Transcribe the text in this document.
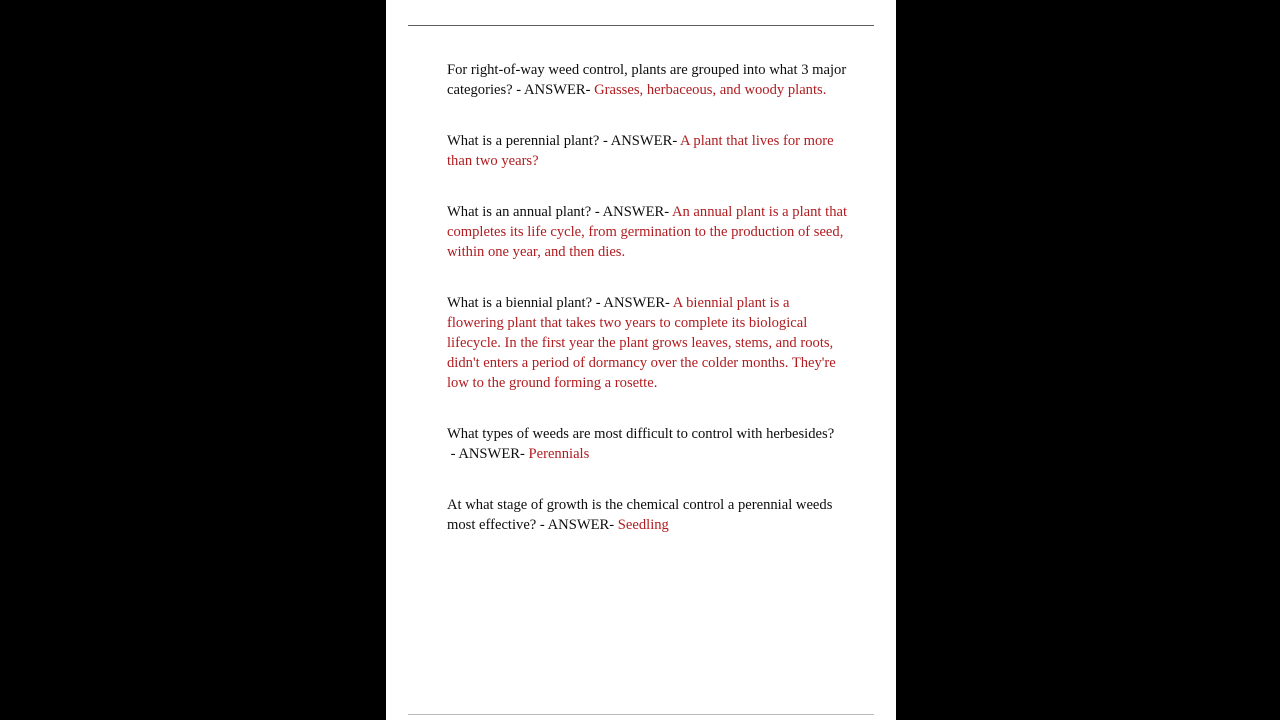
For right-of-way weed control, plants are grouped into what 3 major categories? - ANSWER- Grasses, herbaceous, and woody plants.

What is a perennial plant? - ANSWER- A plant that lives for more than two years?

What is an annual plant? - ANSWER- An annual plant is a plant that completes its life cycle, from germination to the production of seed, within one year, and then dies.

What is a biennial plant? - ANSWER- A biennial plant is a flowering plant that takes two years to complete its biological lifecycle. In the first year the plant grows leaves, stems, and roots, didn't enters a period of dormancy over the colder months. They're low to the ground forming a rosette.

What types of weeds are most difficult to control with herbesides? - ANSWER- Perennials

At what stage of growth is the chemical control a perennial weeds most effective? - ANSWER- Seedling
